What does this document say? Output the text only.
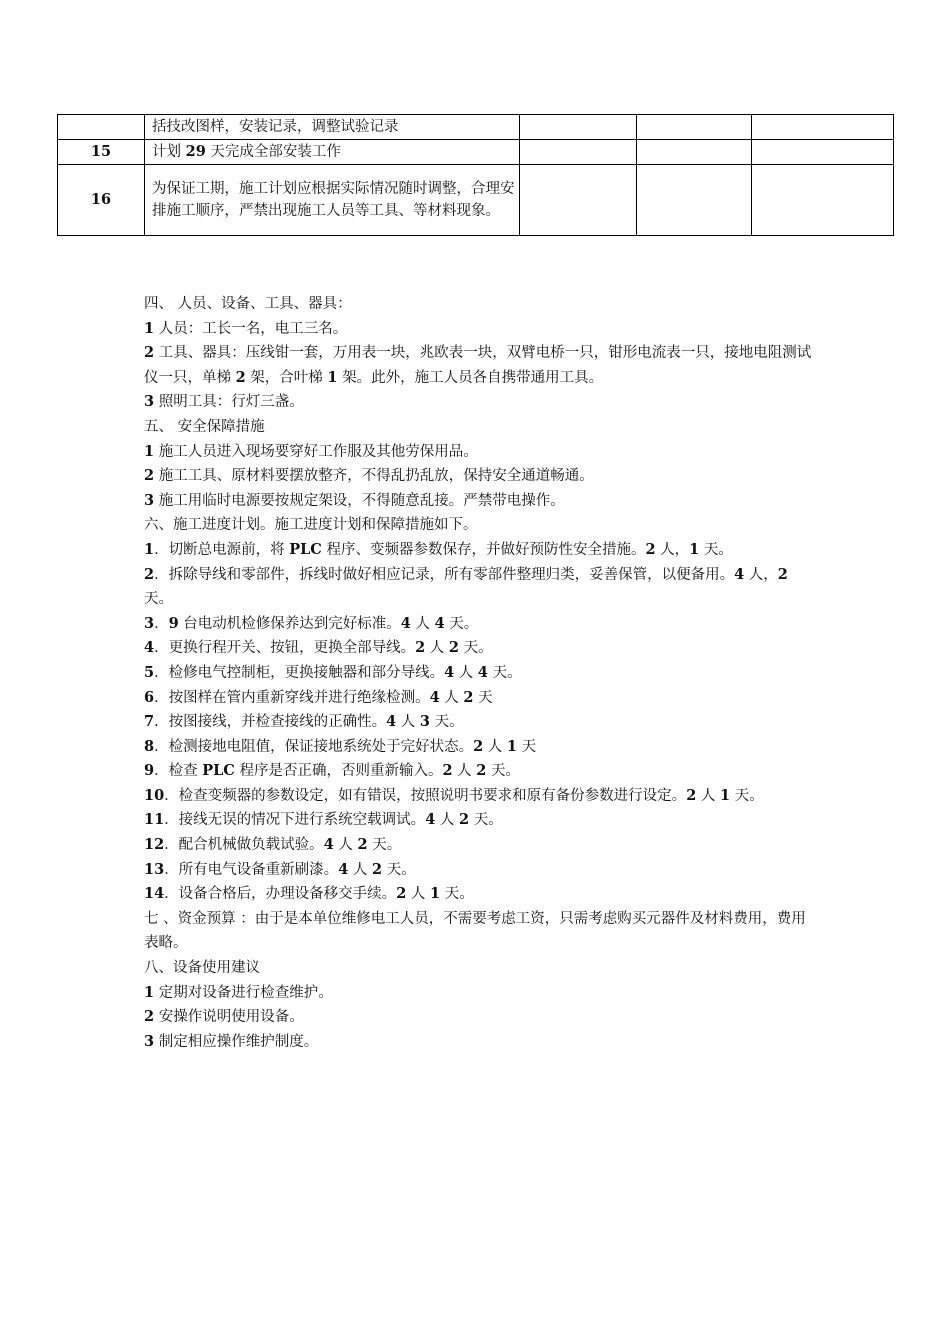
	括技改图样，安装记录，调整试验记录			
15	计划 29 天完成全部安装工作			
16	为保证工期，施工计划应根据实际情况随时调整，合理安排施工顺序，严禁出现施工人员等工具、等材料现象。			

四、 人员、设备、工具、器具：

1 人员：工长一名，电工三名。

2 工具、器具：压线钳一套，万用表一块，兆欧表一块，双臂电桥一只，钳形电流表一只，接地电阻测试仪一只，单梯 2 架，合叶梯 1 架。此外，施工人员各自携带通用工具。

3 照明工具：行灯三盏。

五、 安全保障措施

1 施工人员进入现场要穿好工作服及其他劳保用品。

2 施工工具、原材料要摆放整齐，不得乱扔乱放，保持安全通道畅通。

3 施工用临时电源要按规定架设，不得随意乱接。严禁带电操作。

六、施工进度计划。施工进度计划和保障措施如下。

1．切断总电源前，将 PLC 程序、变频器参数保存，并做好预防性安全措施。2 人，1 天。

2．拆除导线和零部件，拆线时做好相应记录，所有零部件整理归类，妥善保管，以便备用。4 人，2 天。

3．9 台电动机检修保养达到完好标准。4 人 4 天。

4．更换行程开关、按钮，更换全部导线。2 人 2 天。

5．检修电气控制柜，更换接触器和部分导线。4 人 4 天。

6．按图样在管内重新穿线并进行绝缘检测。4 人 2 天

7．按图接线，并检查接线的正确性。4 人 3 天。

8．检测接地电阻值，保证接地系统处于完好状态。2 人 1 天

9．检查 PLC 程序是否正确，否则重新输入。2 人 2 天。

10．检查变频器的参数设定，如有错误，按照说明书要求和原有备份参数进行设定。2 人 1 天。

11．接线无误的情况下进行系统空载调试。4 人 2 天。

12．配合机械做负载试验。4 人 2 天。

13．所有电气设备重新刷漆。4 人 2 天。

14．设备合格后，办理设备移交手续。2 人 1 天。

七 、资金预算 ：由于是本单位维修电工人员，不需要考虑工资，只需考虑购买元器件及材料费用，费用表略。

八、设备使用建议

1 定期对设备进行检查维护。

2 安操作说明使用设备。

3 制定相应操作维护制度。
